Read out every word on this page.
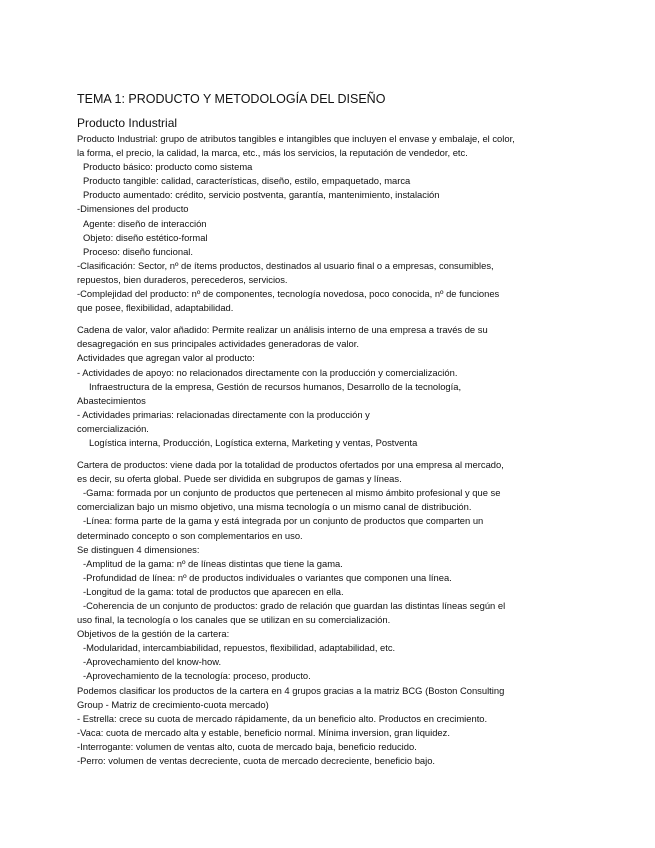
TEMA 1: PRODUCTO Y METODOLOGÍA DEL DISEÑO
Producto Industrial
Producto Industrial: grupo de atributos tangibles e intangibles que incluyen el envase y embalaje, el color,
la forma, el precio, la calidad, la marca, etc., más los servicios, la reputación de vendedor, etc.
Producto básico: producto como sistema
Producto tangible: calidad, características, diseño, estilo, empaquetado, marca
Producto aumentado: crédito, servicio postventa, garantía, mantenimiento, instalación
-Dimensiones del producto
Agente: diseño de interacción
Objeto: diseño estético-formal
Proceso: diseño funcional.
-Clasificación: Sector, nº de ítems productos, destinados al usuario final o a empresas, consumibles,
repuestos, bien duraderos, perecederos, servicios.
-Complejidad del producto: nº de componentes, tecnología novedosa, poco conocida, nº de funciones
que posee, flexibilidad, adaptabilidad.
Cadena de valor, valor añadido: Permite realizar un análisis interno de una empresa a través de su
desagregación en sus principales actividades generadoras de valor.
Actividades que agregan valor al producto:
- Actividades de apoyo: no relacionados directamente con la producción y comercialización.
Infraestructura de la empresa, Gestión de recursos humanos, Desarrollo de la tecnología,
Abastecimientos
- Actividades primarias: relacionadas directamente con la producción y
comercialización.
Logística interna, Producción, Logística externa, Marketing y ventas, Postventa
Cartera de productos: viene dada por la totalidad de productos ofertados por una empresa al mercado,
es decir, su oferta global. Puede ser dividida en subgrupos de gamas y líneas.
-Gama: formada por un conjunto de productos que pertenecen al mismo ámbito profesional y que se
comercializan bajo un mismo objetivo, una misma tecnología o un mismo canal de distribución.
-Línea: forma parte de la gama y está integrada por un conjunto de productos que comparten un
determinado concepto o son complementarios en uso.
Se distinguen 4 dimensiones:
-Amplitud de la gama: nº de líneas distintas que tiene la gama.
-Profundidad de línea: nº de productos individuales o variantes que componen una línea.
-Longitud de la gama: total de productos que aparecen en ella.
-Coherencia de un conjunto de productos: grado de relación que guardan las distintas líneas según el
uso final, la tecnología o los canales que se utilizan en su comercialización.
Objetivos de la gestión de la cartera:
-Modularidad, intercambiabilidad, repuestos, flexibilidad, adaptabilidad, etc.
-Aprovechamiento del know-how.
-Aprovechamiento de la tecnología: proceso, producto.
Podemos clasificar los productos de la cartera en 4 grupos gracias a la matriz BCG (Boston Consulting
Group - Matriz de crecimiento-cuota mercado)
- Estrella: crece su cuota de mercado rápidamente, da un beneficio alto. Productos en crecimiento.
-Vaca: cuota de mercado alta y estable, beneficio normal. Mínima inversion, gran liquidez.
-Interrogante: volumen de ventas alto, cuota de mercado baja, beneficio reducido.
-Perro: volumen de ventas decreciente, cuota de mercado decreciente, beneficio bajo.
